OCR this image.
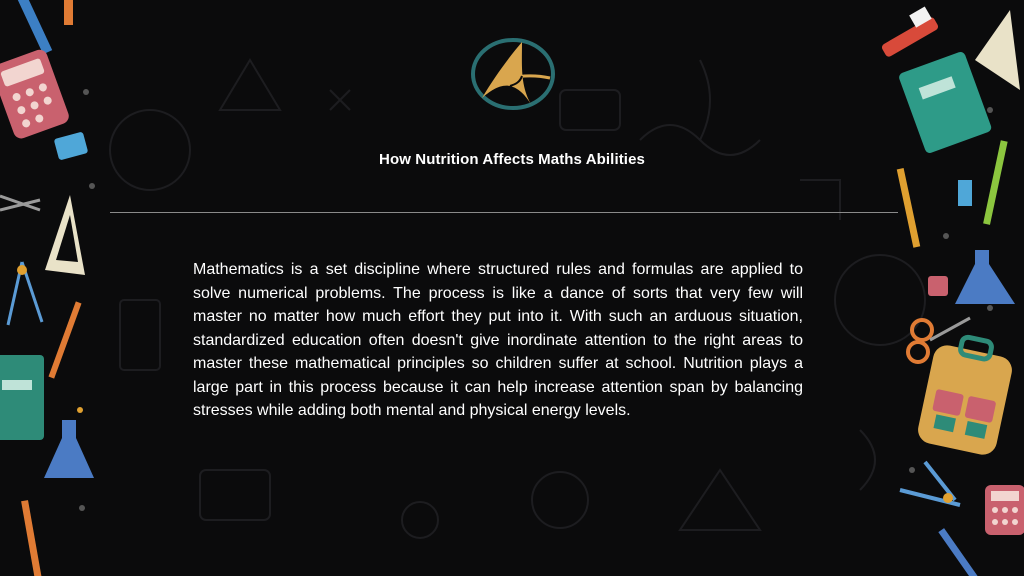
How Nutrition Affects Maths Abilities

Mathematics is a set discipline where structured rules and formulas are applied to solve numerical problems. The process is like a dance of sorts that very few will master no matter how much effort they put into it. With such an arduous situation, standardized education often doesn't give inordinate attention to the right areas to master these mathematical principles so children suffer at school. Nutrition plays a large part in this process because it can help increase attention span by balancing stresses while adding both mental and physical energy levels.
